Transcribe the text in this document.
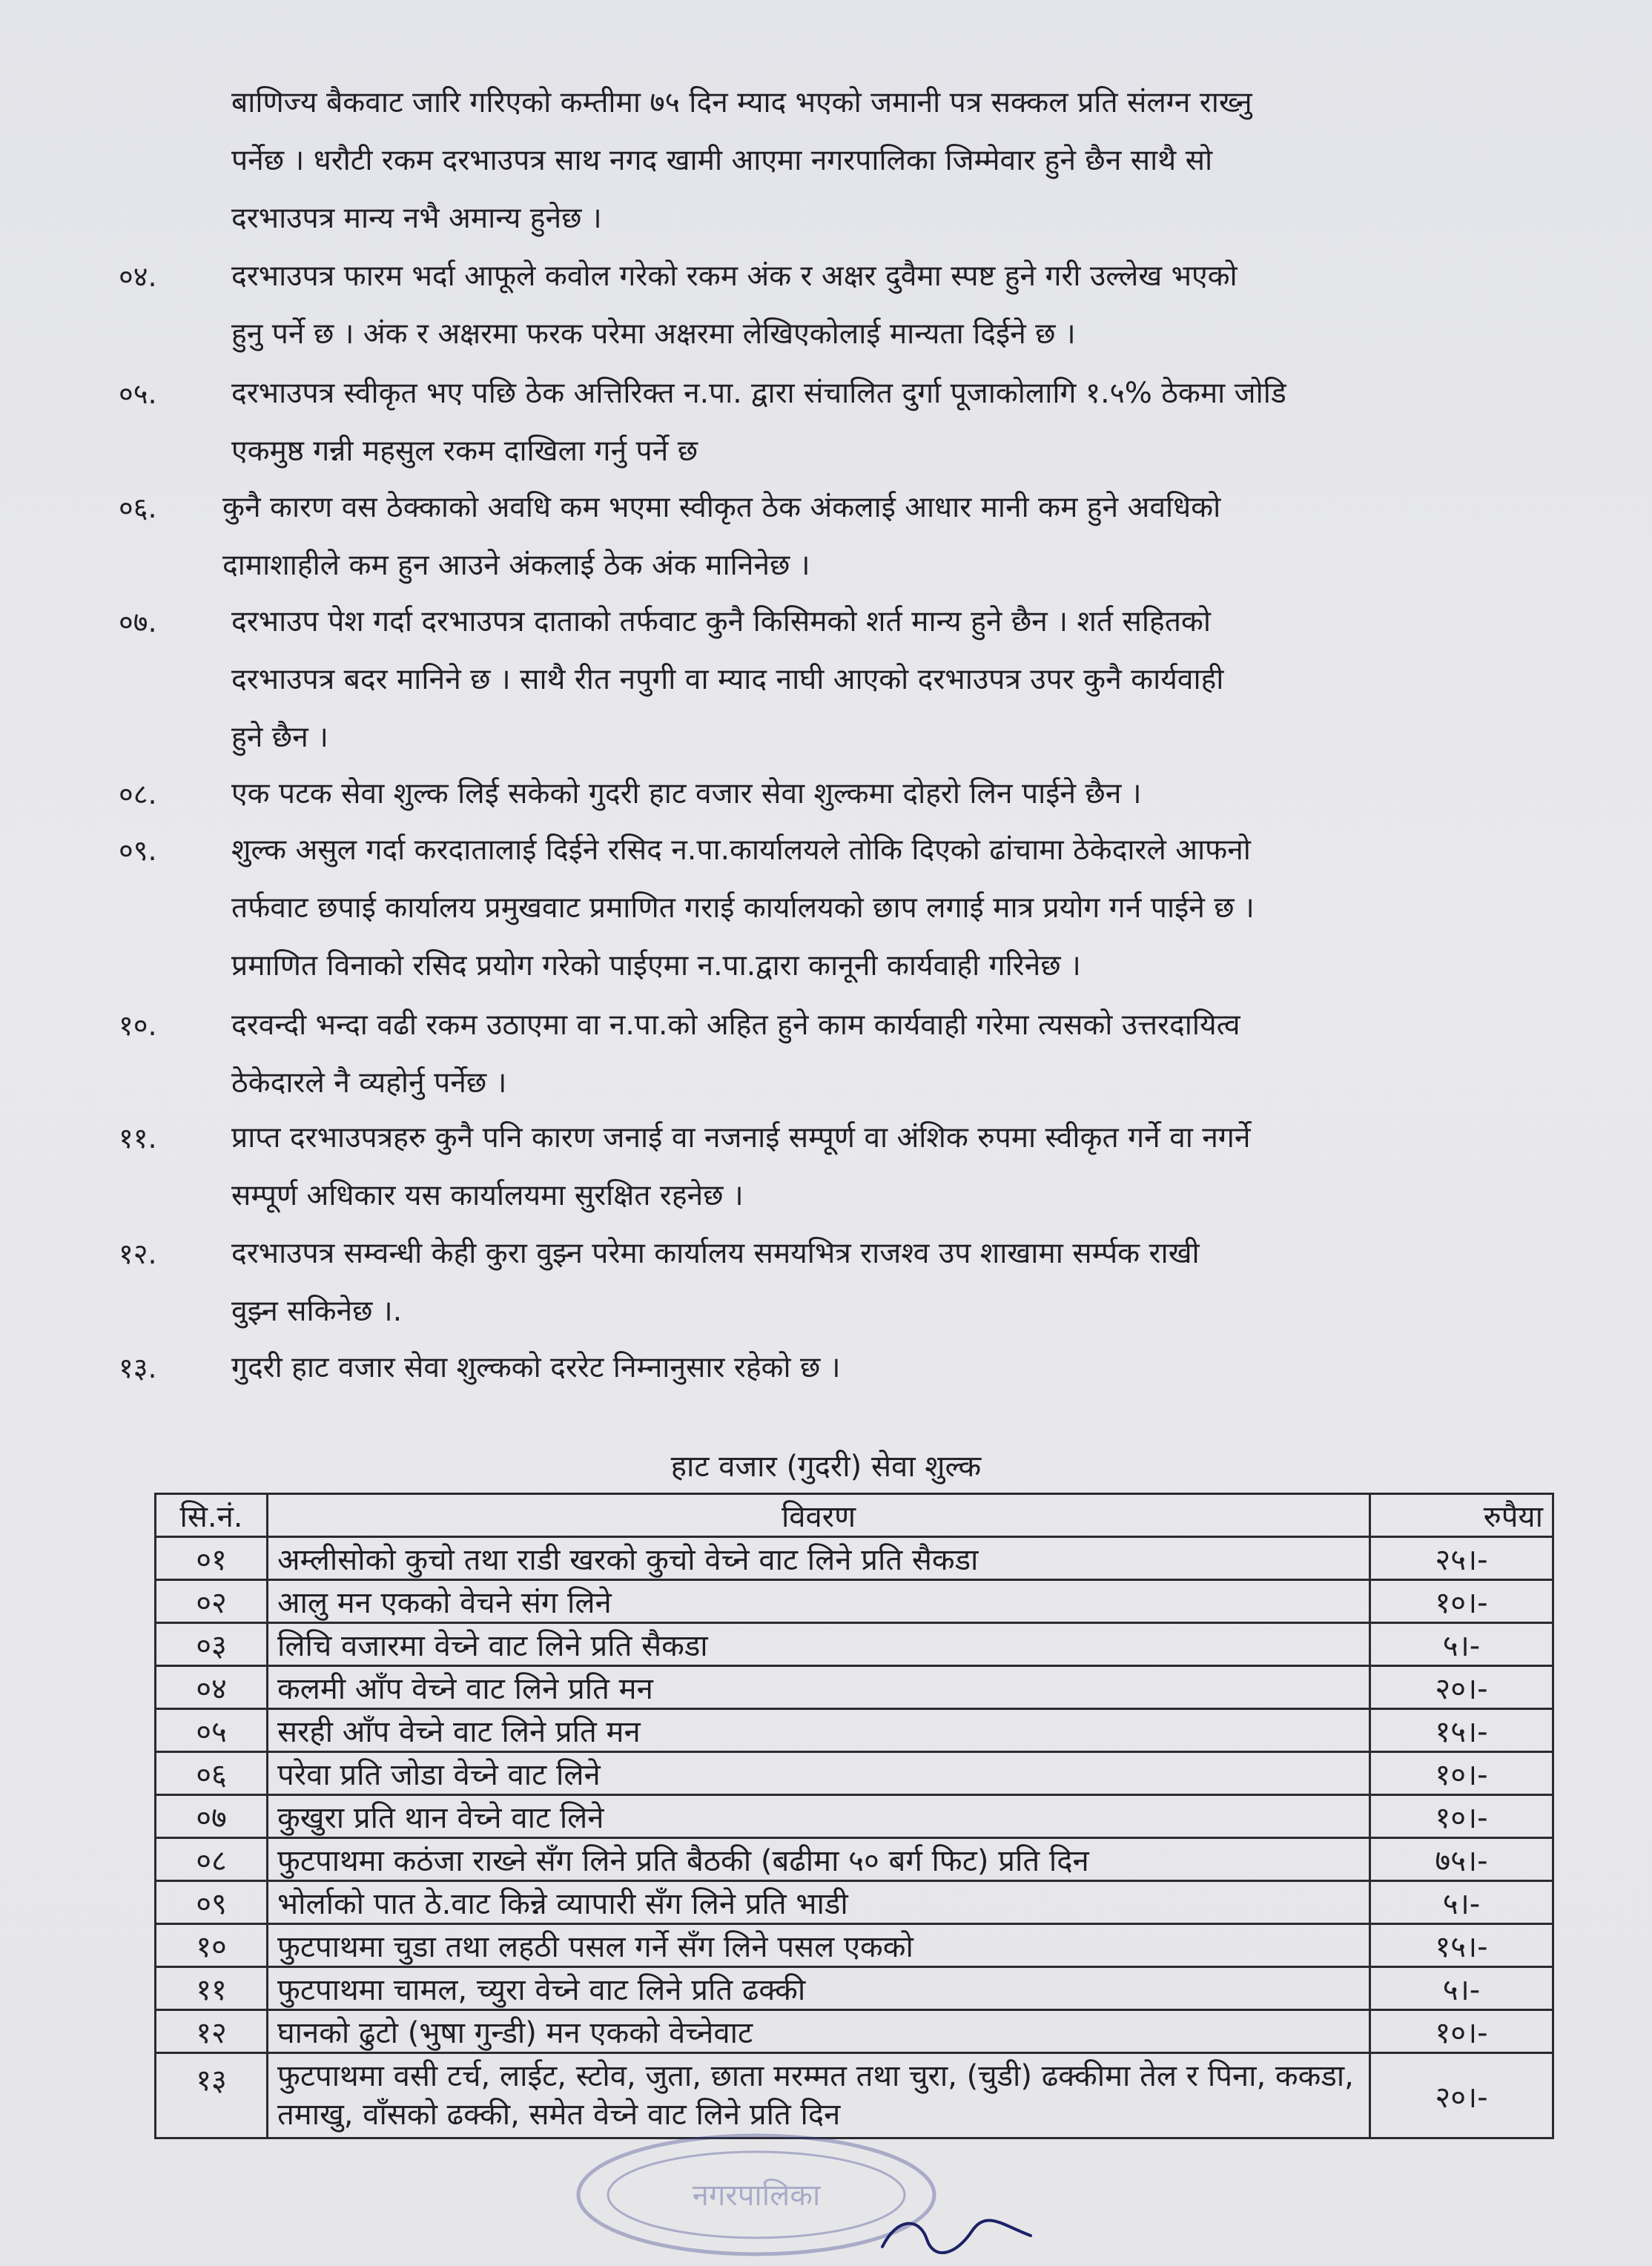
बाणिज्य बैकवाट जारि गरिएको कम्तीमा ७५ दिन म्याद भएको जमानी पत्र सक्कल प्रति संलग्न राख्नु
पर्नेछ । धरौटी रकम दरभाउपत्र साथ नगद खामी आएमा नगरपालिका जिम्मेवार हुने छैन साथै सो
दरभाउपत्र मान्य नभै अमान्य हुनेछ ।
०४.	दरभाउपत्र फारम भर्दा आफूले कवोल गरेको रकम अंक र अक्षर दुवैमा स्पष्ट हुने गरी उल्लेख भएको
हुनु पर्ने छ । अंक र अक्षरमा फरक परेमा अक्षरमा लेखिएकोलाई मान्यता दिईने छ ।
०५.	दरभाउपत्र स्वीकृत भए पछि ठेक अत्तिरिक्त न.पा. द्वारा संचालित दुर्गा पूजाकोलागि १.५% ठेकमा जोडि
एकमुष्ठ गन्नी महसुल रकम दाखिला गर्नु पर्ने छ
०६.	कुनै कारण वस ठेक्काको अवधि कम भएमा स्वीकृत ठेक अंकलाई आधार मानी कम हुने अवधिको
दामाशाहीले कम हुन आउने अंकलाई ठेक अंक मानिनेछ ।
०७.	दरभाउप पेश गर्दा दरभाउपत्र दाताको तर्फवाट कुनै किसिमको शर्त मान्य हुने छैन । शर्त सहितको
दरभाउपत्र बदर मानिने छ । साथै रीत नपुगी वा म्याद नाघी आएको दरभाउपत्र उपर कुनै कार्यवाही
हुने छैन ।
०८.	एक पटक सेवा शुल्क लिई सकेको गुदरी हाट वजार सेवा शुल्कमा दोहरो लिन पाईने छैन ।
०९.	शुल्क असुल गर्दा करदातालाई दिईने रसिद न.पा.कार्यालयले तोकि दिएको ढांचामा ठेकेदारले आफनो
तर्फवाट छपाई कार्यालय प्रमुखवाट प्रमाणित गराई कार्यालयको छाप लगाई मात्र प्रयोग गर्न पाईने छ ।
प्रमाणित विनाको रसिद प्रयोग गरेको पाईएमा न.पा.द्वारा कानूनी कार्यवाही गरिनेछ ।
१०.	दरवन्दी भन्दा वढी रकम उठाएमा वा न.पा.को अहित हुने काम कार्यवाही गरेमा त्यसको उत्तरदायित्व
ठेकेदारले नै व्यहोर्नु पर्नेछ ।
११.	प्राप्त दरभाउपत्रहरु कुनै पनि कारण जनाई वा नजनाई सम्पूर्ण वा अंशिक रुपमा स्वीकृत गर्ने वा नगर्ने
सम्पूर्ण अधिकार यस कार्यालयमा सुरक्षित रहनेछ ।
१२.	दरभाउपत्र सम्वन्धी केही कुरा वुझ्न परेमा कार्यालय समयभित्र राजश्व उप शाखामा सर्म्पक राखी
वुझ्न सकिनेछ ।.
१३.	गुदरी हाट वजार सेवा शुल्कको दररेट निम्नानुसार रहेको छ ।
हाट वजार (गुदरी) सेवा शुल्क
सि.नं.	विवरण	रुपैया
०१	अम्लीसोको कुचो तथा राडी खरको कुचो वेच्ने वाट लिने प्रति सैकडा	२५।-
०२	आलु मन एकको वेचने संग लिने	१०।-
०३	लिचि वजारमा वेच्ने वाट लिने प्रति सैकडा	५।-
०४	कलमी आँप वेच्ने वाट लिने प्रति मन	२०।-
०५	सरही आँप वेच्ने वाट लिने प्रति मन	१५।-
०६	परेवा प्रति जोडा वेच्ने वाट लिने	१०।-
०७	कुखुरा प्रति थान वेच्ने वाट लिने	१०।-
०८	फुटपाथमा कठंजा राख्ने सँग लिने प्रति बैठकी (बढीमा ५० बर्ग फिट) प्रति दिन	७५।-
०९	भोर्लाको पात ठे.वाट किन्ने व्यापारी सँग लिने प्रति भाडी	५।-
१०	फुटपाथमा चुडा तथा लहठी पसल गर्ने सँग लिने पसल एकको	१५।-
११	फुटपाथमा चामल, च्युरा वेच्ने वाट लिने प्रति ढक्की	५।-
१२	घानको ढुटो (भुषा गुन्डी) मन एकको वेच्नेवाट	१०।-
१३	फुटपाथमा वसी टर्च, लाईट, स्टोव, जुता, छाता मरम्मत तथा चुरा, (चुडी) ढक्कीमा तेल र पिना, ककडा, तमाखु, वाँसको ढक्की, समेत वेच्ने वाट लिने प्रति दिन	२०।-
नगरपालिका
